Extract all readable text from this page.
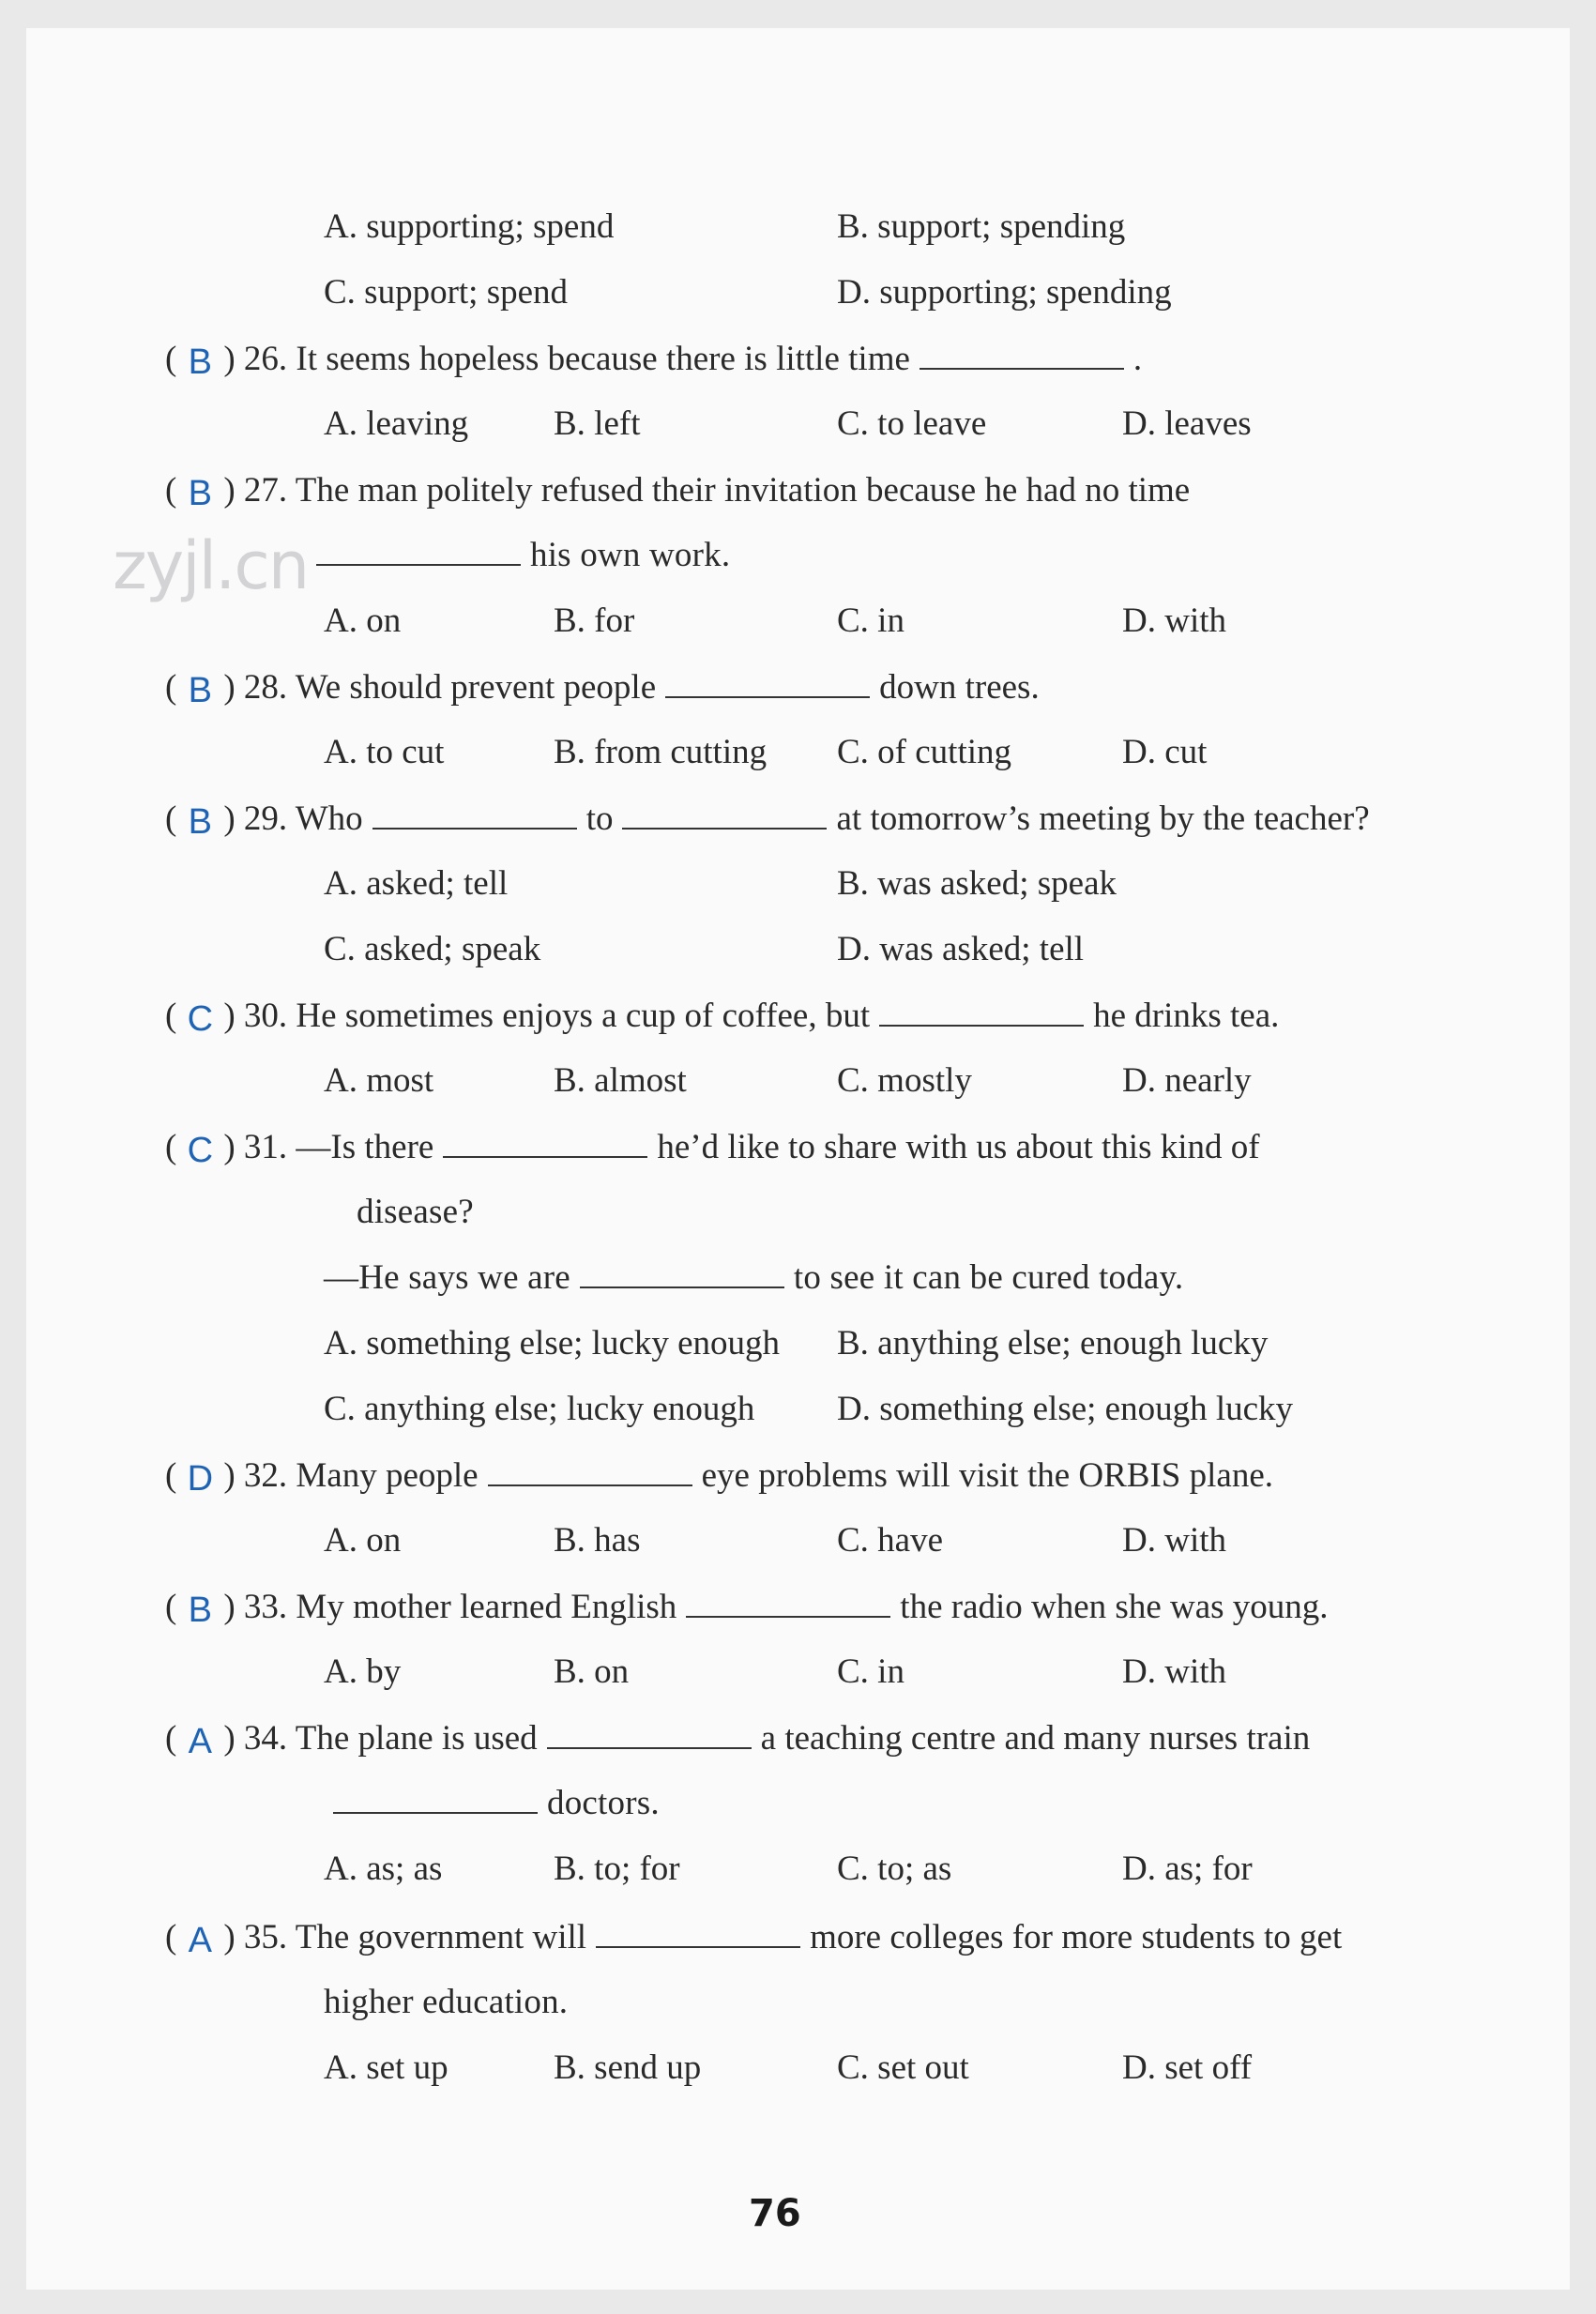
zyjl.cn
A. supporting; spend	B. support; spending
C. support; spend	D. supporting; spending
( B ) 26. It seems hopeless because there is little time	.
A. leaving B. left	C. to leave	D. leaves
( B ) 27. The man politely refused their invitation because he had no time
his own work.
A. on	B. for	C. in	D. with
( B ) 28. We should prevent people	down trees.
A. to cut	B. from cutting C. of cutting	D. cut
( B ) 29. Who	to	at tomorrow’s meeting by the teacher?
A. asked; tell	B. was asked; speak
C. asked; speak	D. was asked; tell
( C ) 30. He sometimes enjoys a cup of coffee, but	he drinks tea.
A. most	B. almost	C. mostly	D. nearly
( C ) 31. —Is there	he’d like to share with us about this kind of
disease?
—He says we are	to see it can be cured today.
A. something else; lucky enough B. anything else; enough lucky
C. anything else; lucky enough D. something else; enough lucky
( D ) 32. Many people	eye problems will visit the ORBIS plane.
A. on	B. has	C. have	D. with
( B ) 33. My mother learned English	the radio when she was young.
A. by	B. on	C. in	D. with
( A ) 34. The plane is used	a teaching centre and many nurses train
doctors.
A. as; as	B. to; for	C. to; as	D. as; for
( A ) 35. The government will	more colleges for more students to get
higher education.
A. set up	B. send up	C. set out	D. set off
76
